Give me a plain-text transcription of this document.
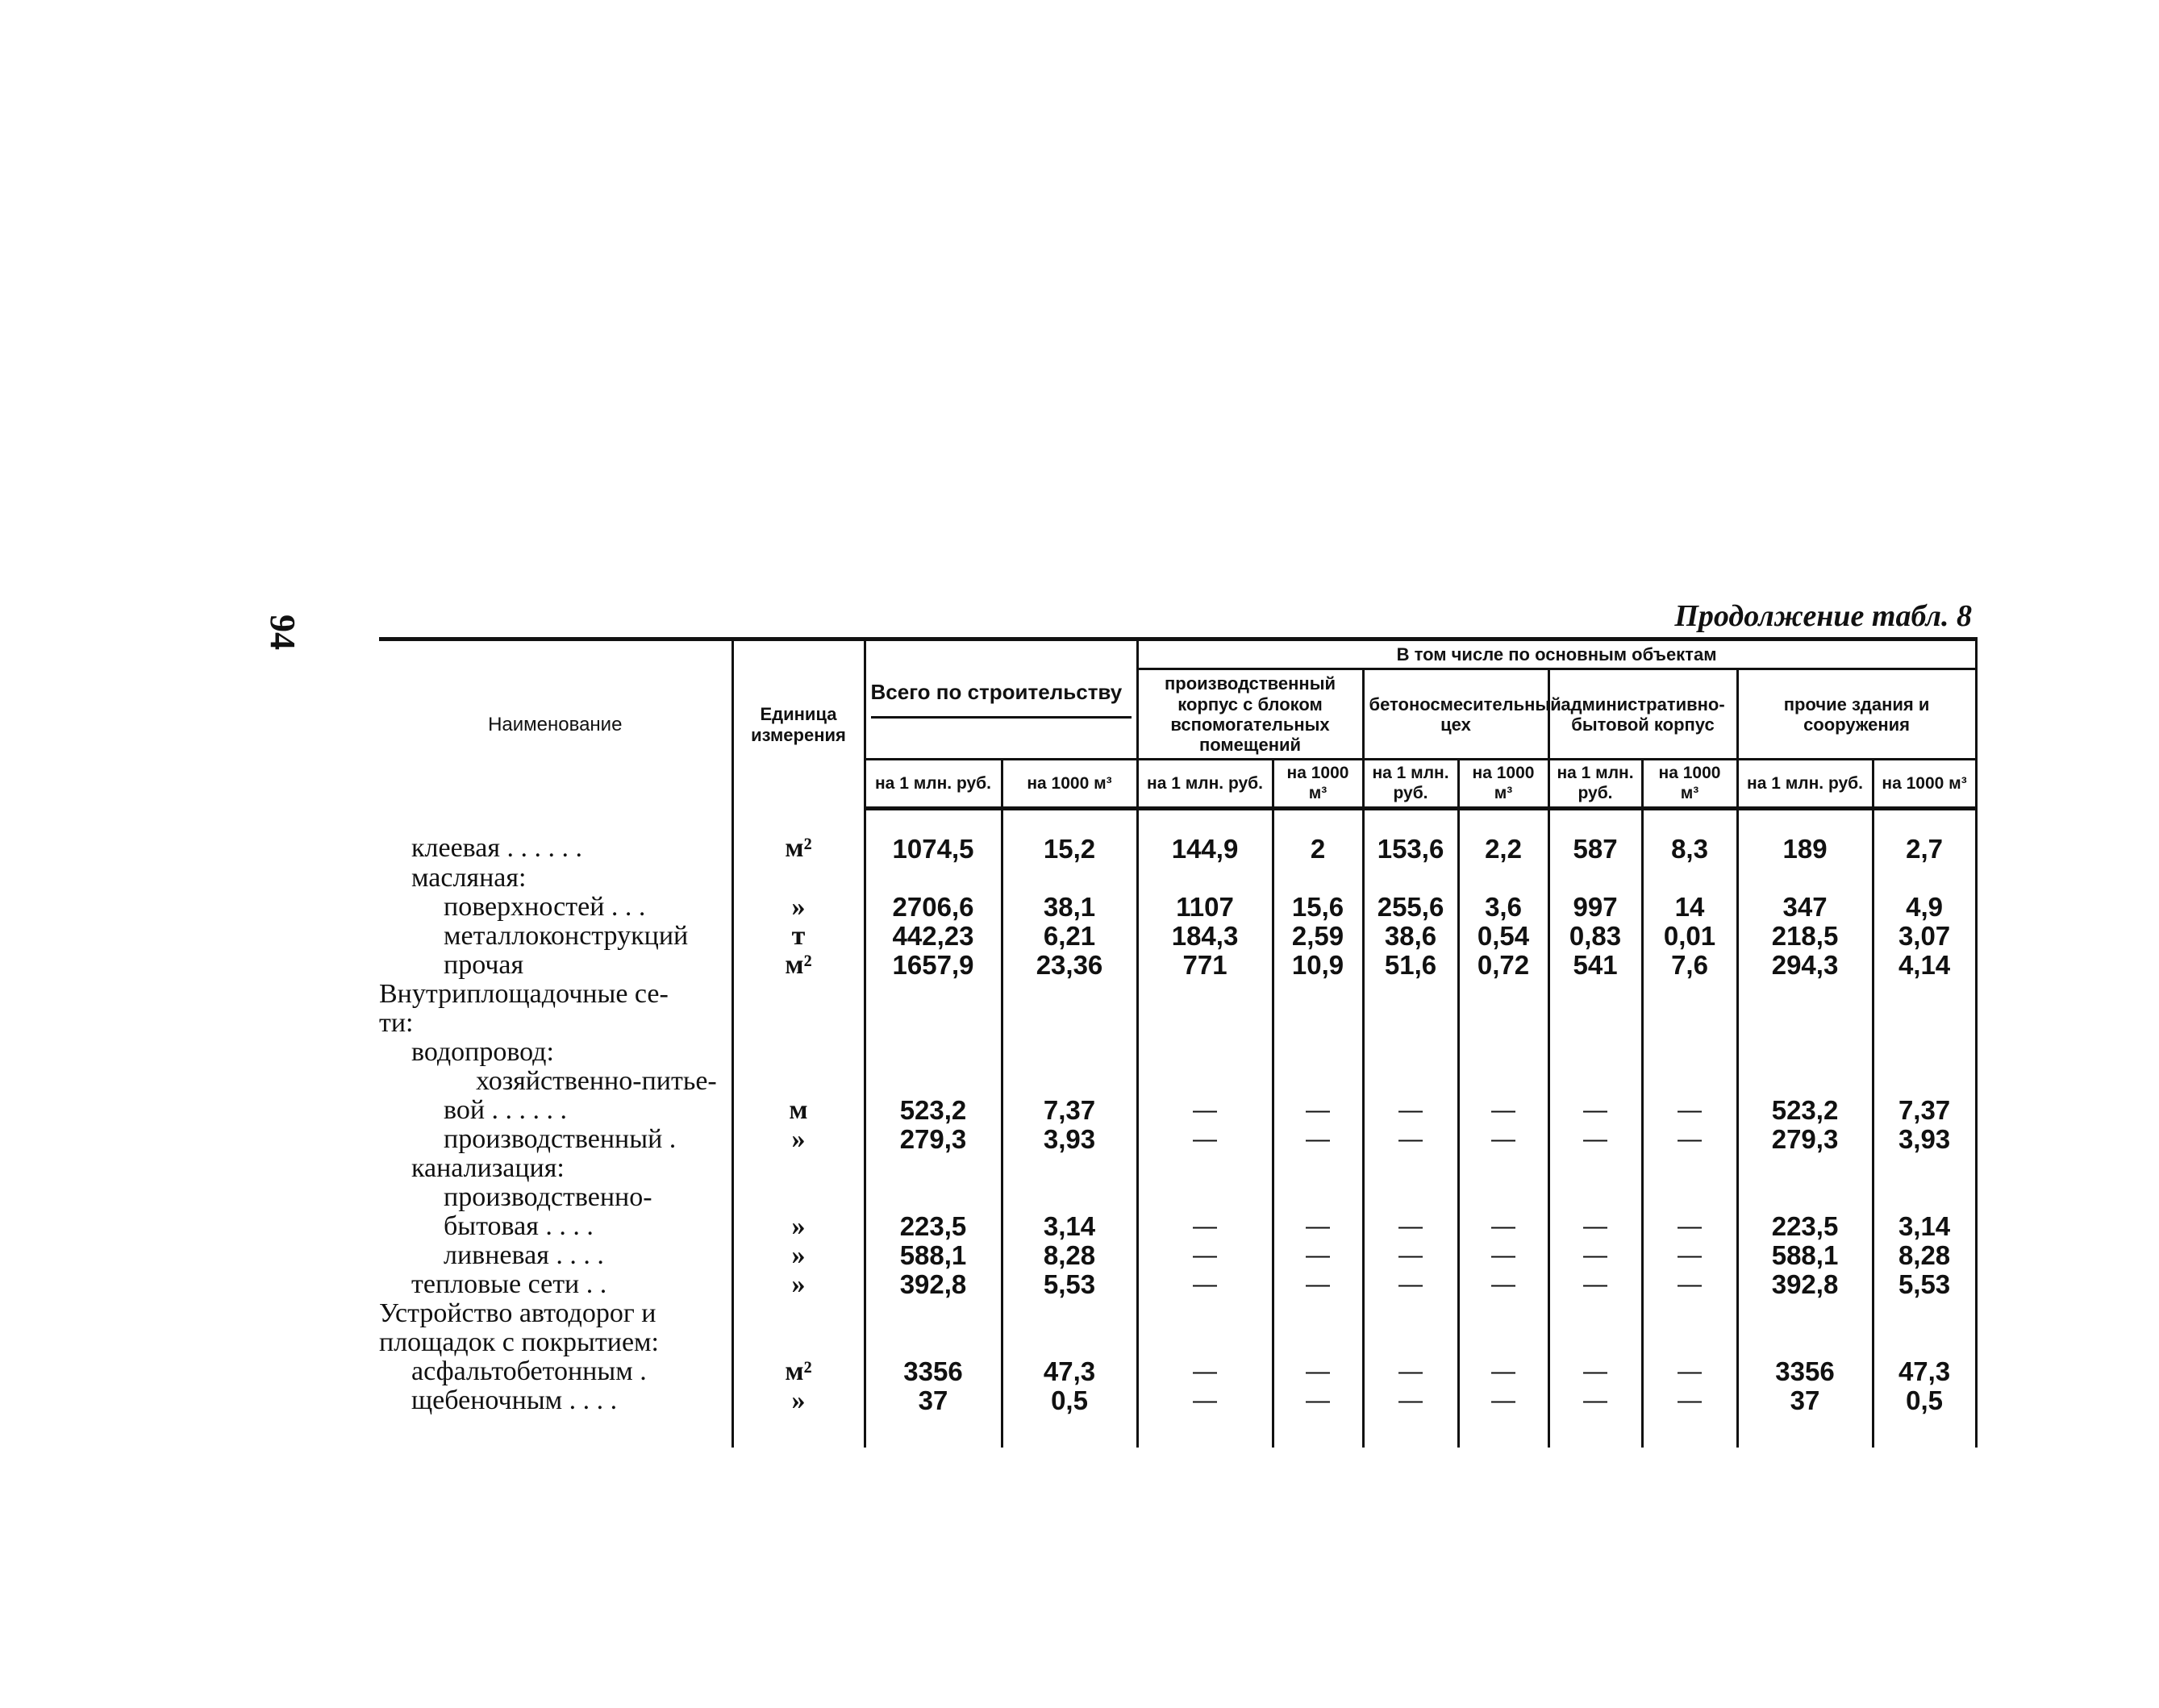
94	Продолжение табл. 8
Наименование	Единица измерения	Всего по строительству		В том числе по основным объектам							
				производственный корпус с блоком вспомогательных помещений		бетоносмесительный цех		административно-бытовой корпус		прочие здания и сооружения	
		на 1 млн. руб.	на 1000 м³	на 1 млн. руб.	на 1000 м³	на 1 млн. руб.	на 1000 м³	на 1 млн. руб.	на 1000 м³	на 1 млн. руб.	на 1000 м³
клеевая . . . . . .	м²	1074,5	15,2	144,9	2	153,6	2,2	587	8,3	189	2,7
масляная:											
поверхностей . . .	»	2706,6	38,1	1107	15,6	255,6	3,6	997	14	347	4,9
металлоконструкций	т	442,23	6,21	184,3	2,59	38,6	0,54	0,83	0,01	218,5	3,07
прочая	м²	1657,9	23,36	771	10,9	51,6	0,72	541	7,6	294,3	4,14
Внутриплощадочные се-											
ти:											
водопровод:											
хозяйственно-питье-											
вой . . . . . .	м	523,2	7,37	—	—	—	—	—	—	523,2	7,37
производственный .	»	279,3	3,93	—	—	—	—	—	—	279,3	3,93
канализация:											
производственно-											
бытовая . . . .	»	223,5	3,14	—	—	—	—	—	—	223,5	3,14
ливневая . . . .	»	588,1	8,28	—	—	—	—	—	—	588,1	8,28
тепловые сети . .	»	392,8	5,53	—	—	—	—	—	—	392,8	5,53
Устройство автодорог и											
площадок с покрытием:											
асфальтобетонным .	м²	3356	47,3	—	—	—	—	—	—	3356	47,3
щебеночным . . . .	»	37	0,5	—	—	—	—	—	—	37	0,5
